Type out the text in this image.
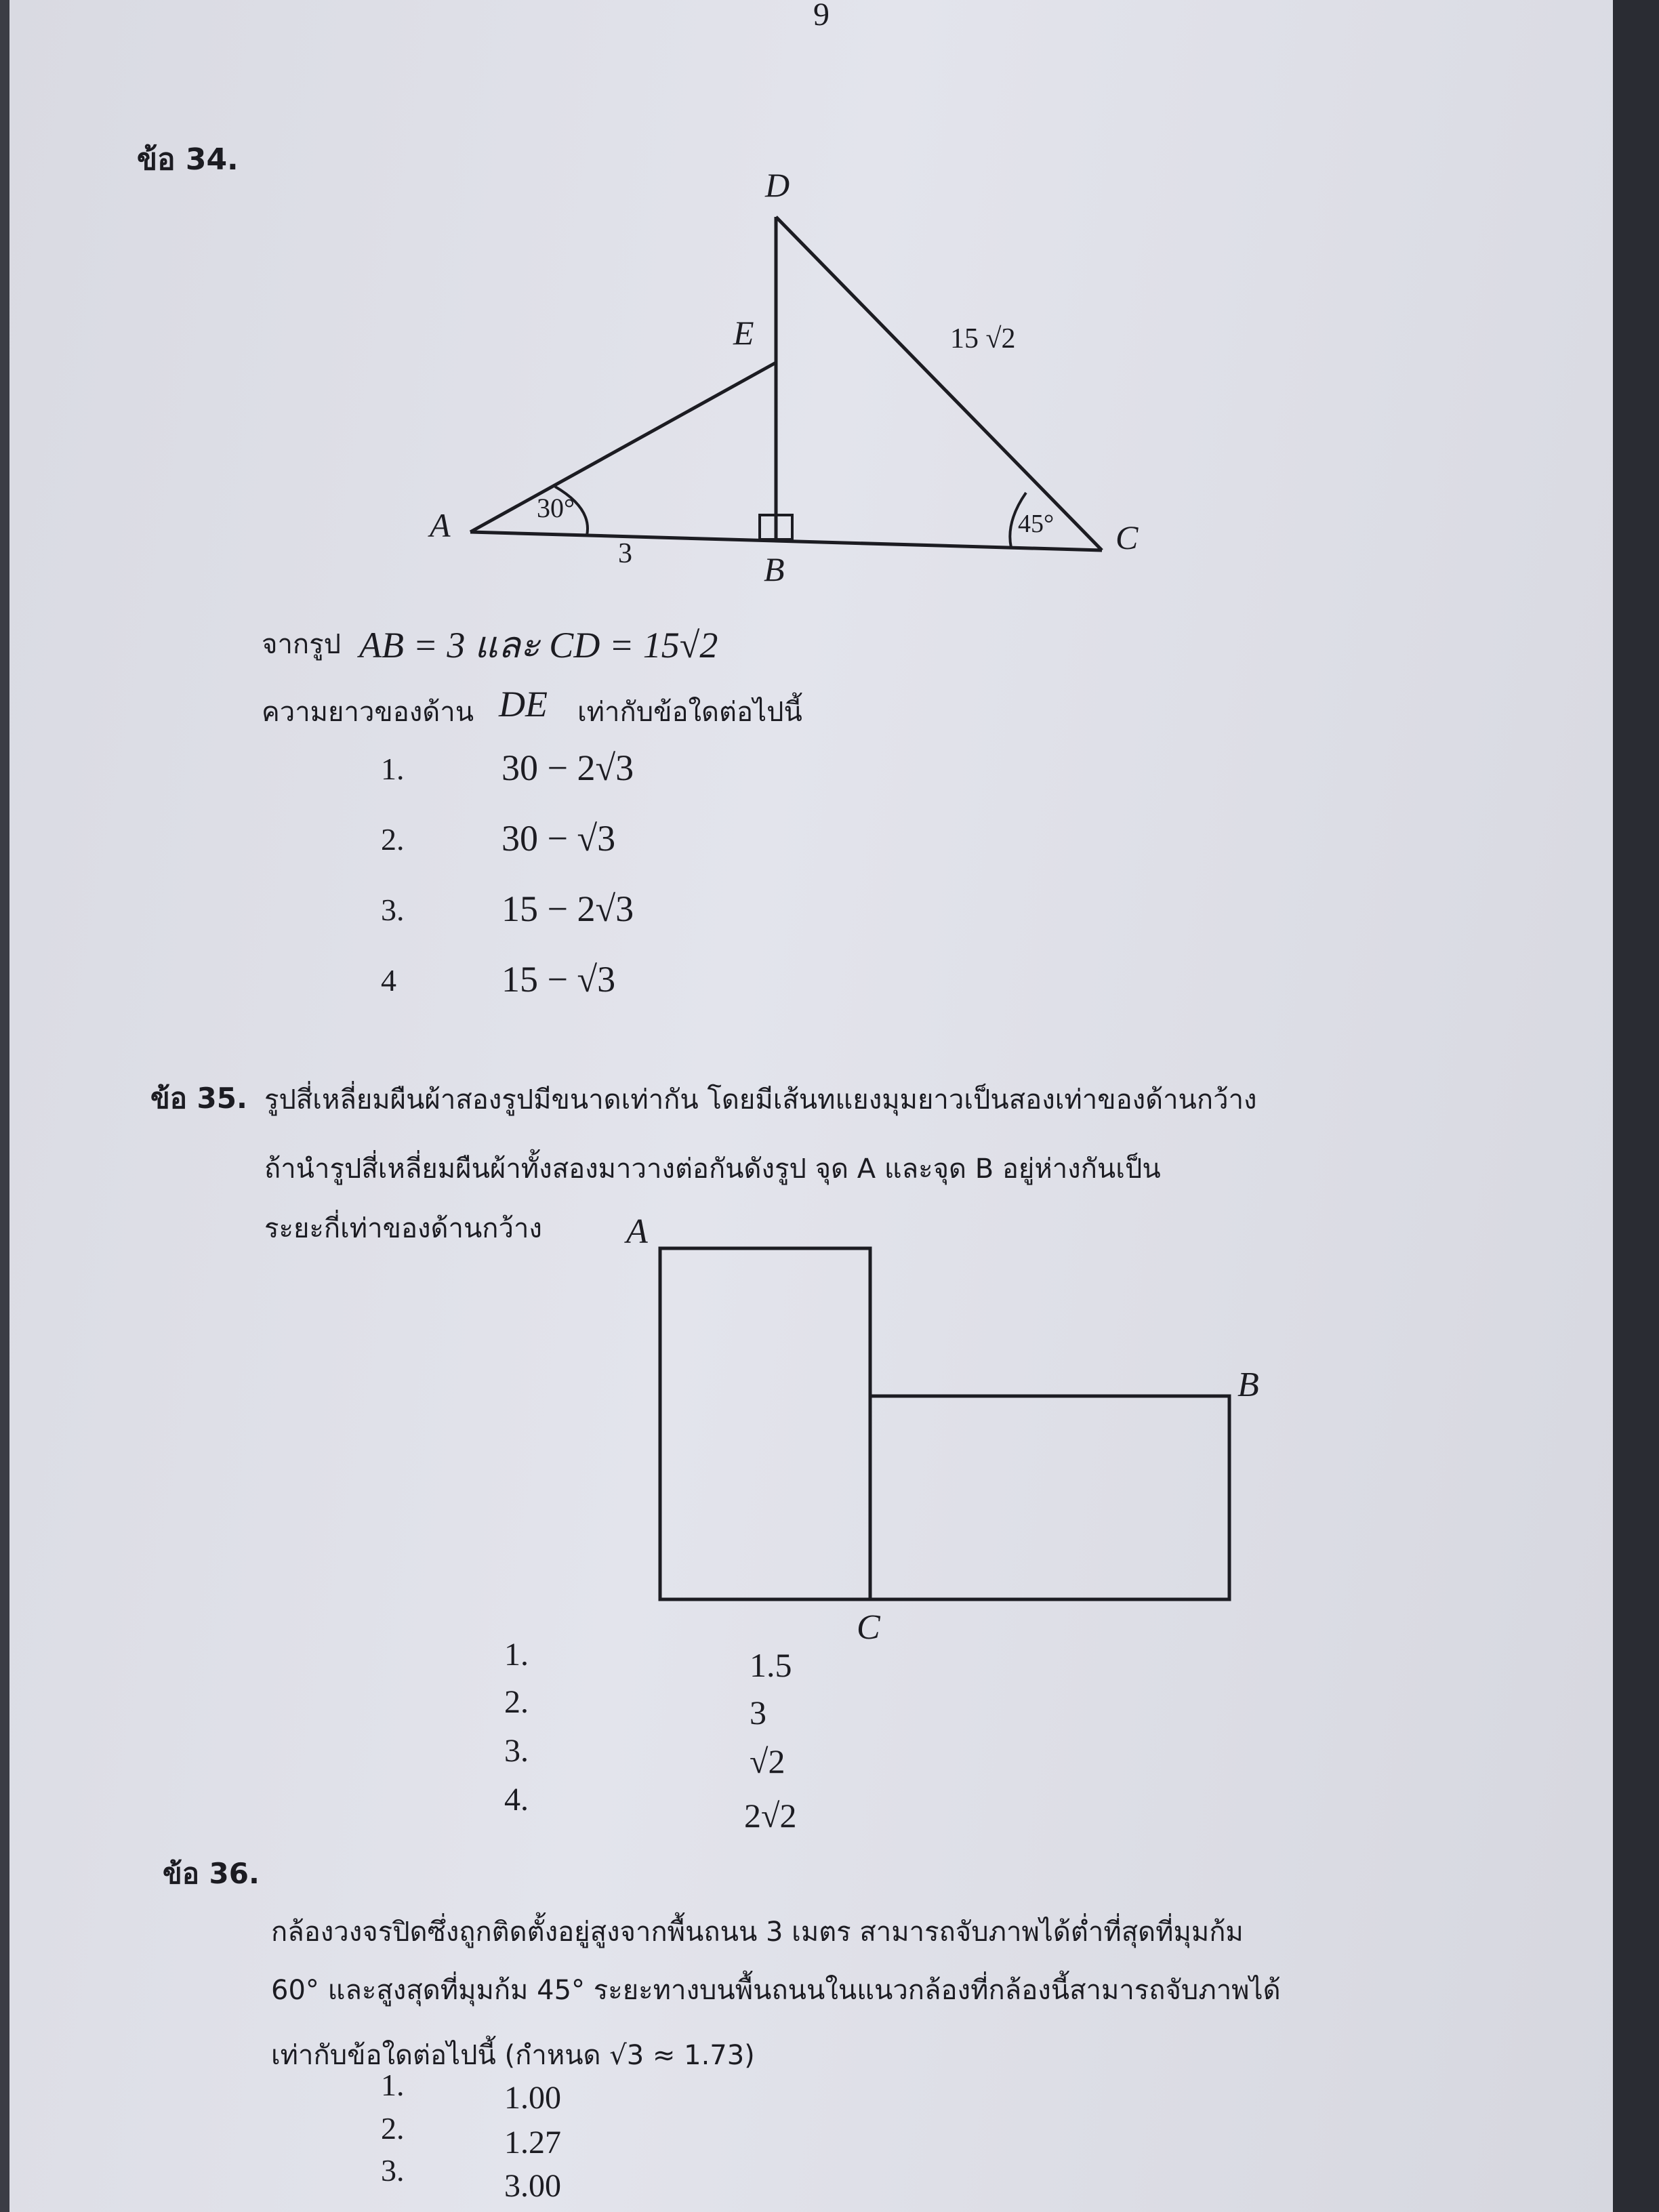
9
ข้อ 34.
D
E
A
B
C
3
15 √2
30°
45°
จากรูป AB = 3 และ CD = 15√2
ความยาวของด้าน DE เท่ากับข้อใดต่อไปนี้
1.	30 − 2√3
2.	30 − √3
3.	15 − 2√3
4	15 − √3
ข้อ 35. รูปสี่เหลี่ยมผืนผ้าสองรูปมีขนาดเท่ากัน โดยมีเส้นทแยงมุมยาวเป็นสองเท่าของด้านกว้าง
ถ้านำรูปสี่เหลี่ยมผืนผ้าทั้งสองมาวางต่อกันดังรูป จุด A และจุด B อยู่ห่างกันเป็น
ระยะกี่เท่าของด้านกว้าง A
B
C
1.	1.5
2.	3
3.	√2
4.	2√2
ข้อ 36.
กล้องวงจรปิดซึ่งถูกติดตั้งอยู่สูงจากพื้นถนน 3 เมตร สามารถจับภาพได้ต่ำที่สุดที่มุมก้ม
60° และสูงสุดที่มุมก้ม 45° ระยะทางบนพื้นถนนในแนวกล้องที่กล้องนี้สามารถจับภาพได้
เท่ากับข้อใดต่อไปนี้ (กำหนด √3 ≈ 1.73)
1.	1.00
2.	1.27
3.	3.00
